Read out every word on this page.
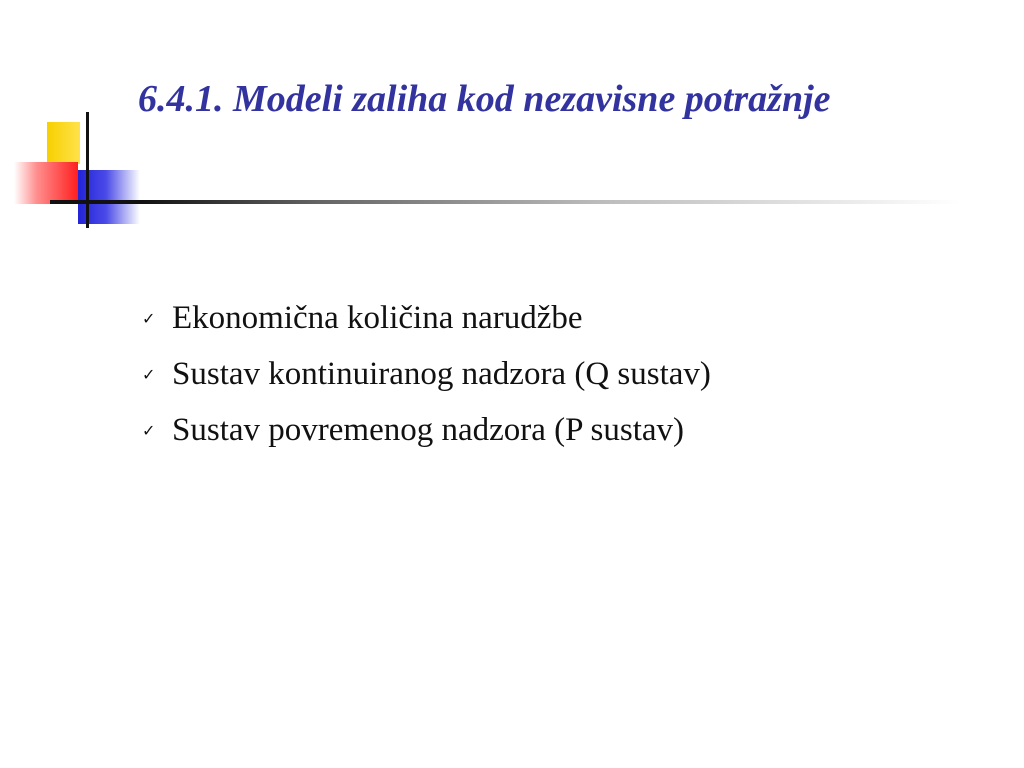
6.4.1. Modeli zaliha kod nezavisne potražnje
✓ Ekonomična količina narudžbe
✓ Sustav kontinuiranog nadzora (Q sustav)
✓ Sustav povremenog nadzora (P sustav)
